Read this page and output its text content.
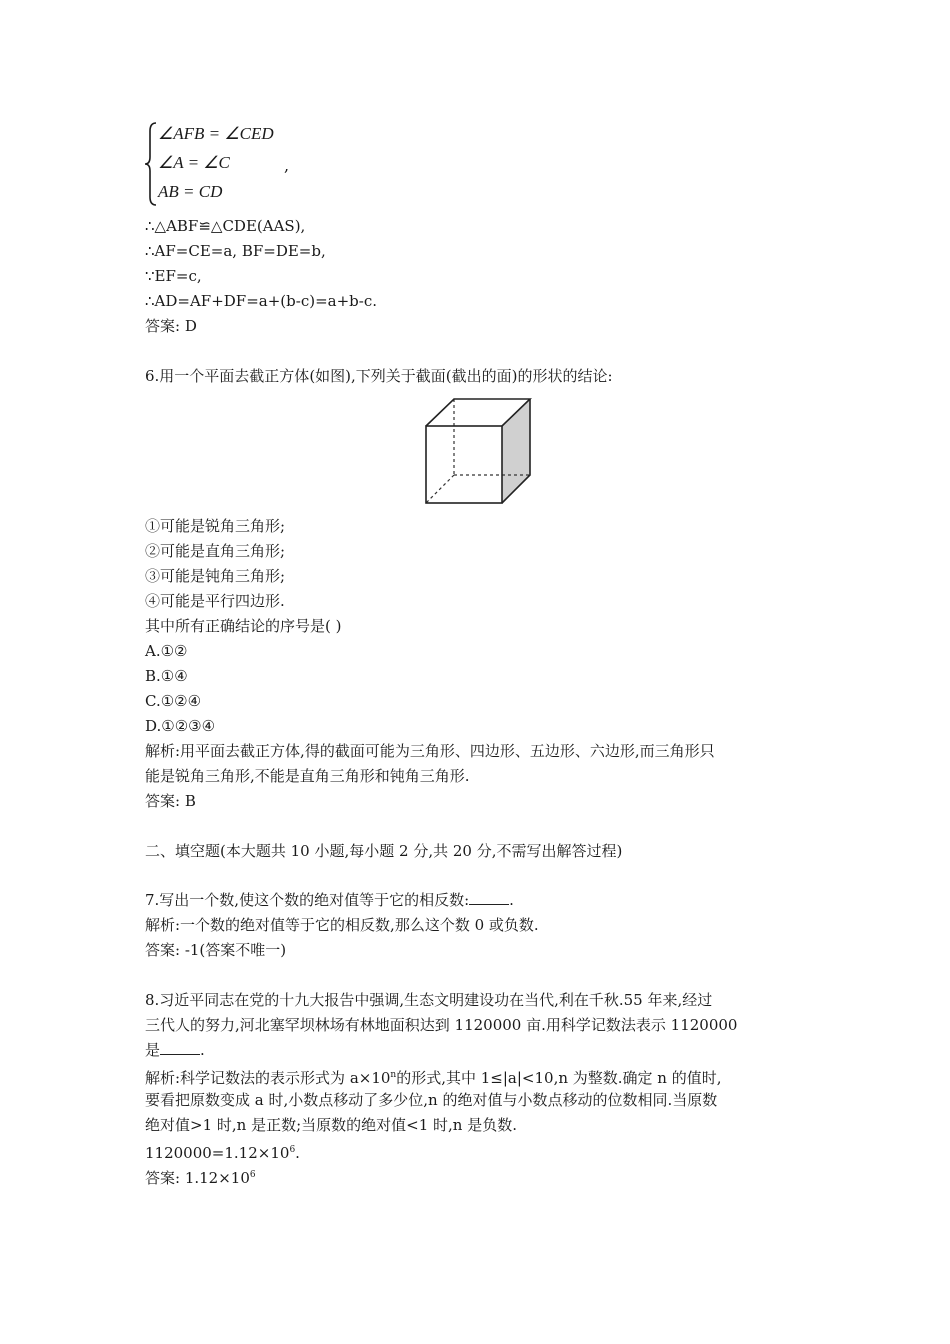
∠AFB = ∠CED
∠A = ∠C
AB = CD
,
∴△ABF≌△CDE(AAS),
∴AF=CE=a, BF=DE=b,
∵EF=c,
∴AD=AF+DF=a+(b-c)=a+b-c.
答案: D
6.用一个平面去截正方体(如图),下列关于截面(截出的面)的形状的结论:
①可能是锐角三角形;
②可能是直角三角形;
③可能是钝角三角形;
④可能是平行四边形.
其中所有正确结论的序号是( )
A.①②
B.①④
C.①②④
D.①②③④
解析:用平面去截正方体,得的截面可能为三角形、四边形、五边形、六边形,而三角形只
能是锐角三角形,不能是直角三角形和钝角三角形.
答案: B
二、填空题(本大题共 10 小题,每小题 2 分,共 20 分,不需写出解答过程)
7.写出一个数,使这个数的绝对值等于它的相反数:	.
解析:一个数的绝对值等于它的相反数,那么这个数 0 或负数.
答案: -1(答案不唯一)
8.习近平同志在党的十九大报告中强调,生态文明建设功在当代,利在千秋.55 年来,经过
三代人的努力,河北塞罕坝林场有林地面积达到 1120000 亩.用科学记数法表示 1120000
是	.
解析:科学记数法的表示形式为 $a\times 10^n$的形式,其中 1≤|a|<10,n 为整数.确定 n 的值时,
要看把原数变成 a 时,小数点移动了多少位,n 的绝对值与小数点移动的位数相同.当原数
绝对值>1 时,n 是正数;当原数的绝对值<1 时,n 是负数.
$1120000=1.12\times 10^6$.
答案: $1.12\times 10^6$
